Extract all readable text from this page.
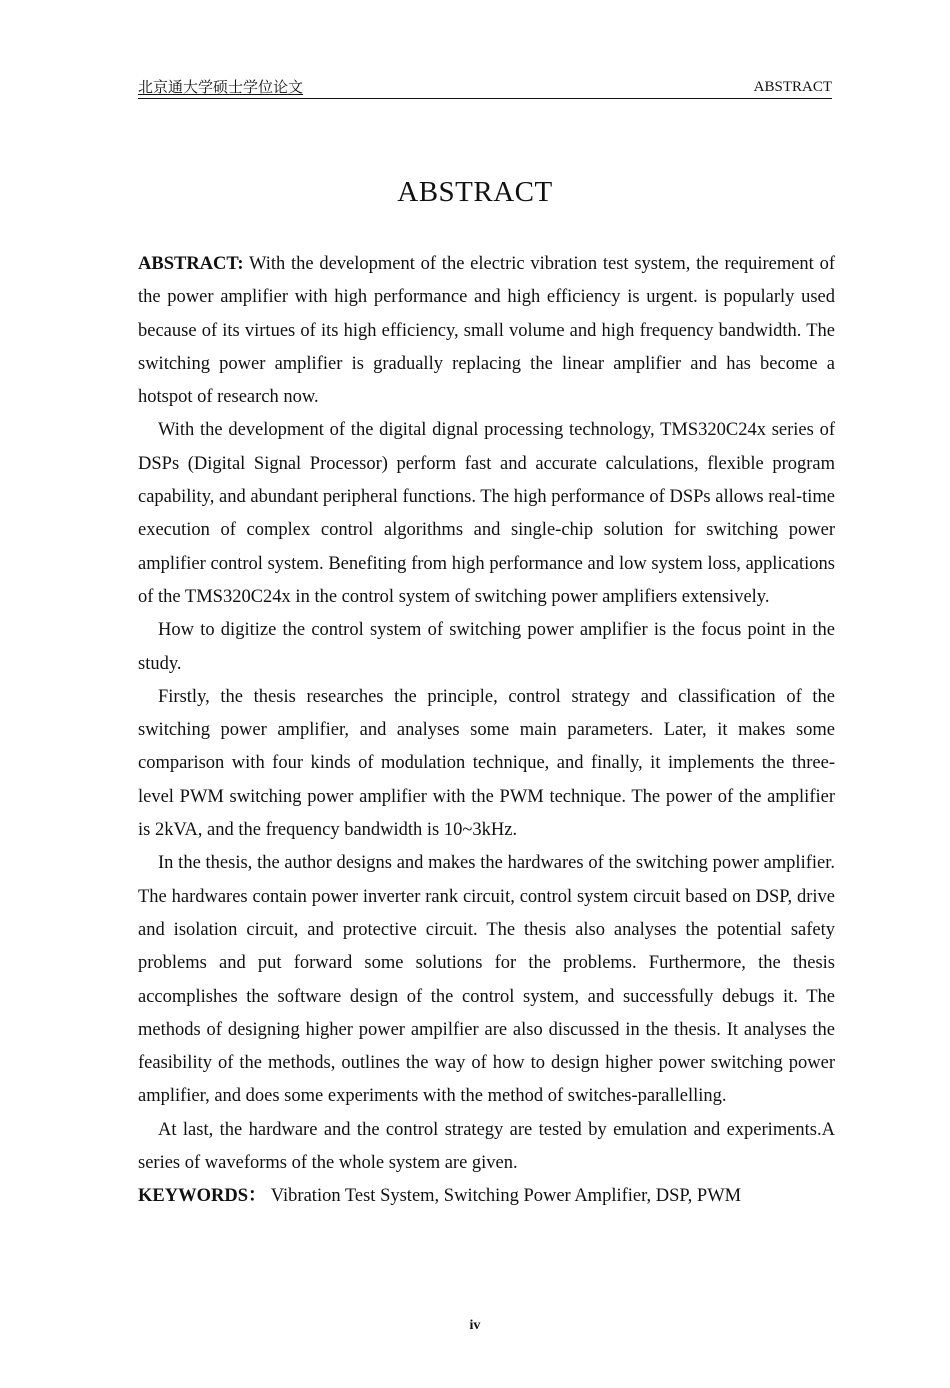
北京通大学硕士学位论文	ABSTRACT
ABSTRACT

ABSTRACT: With the development of the electric vibration test system, the requirement of the power amplifier with high performance and high efficiency is urgent. is popularly used because of its virtues of its high efficiency, small volume and high frequency bandwidth. The switching power amplifier is gradually replacing the linear amplifier and has become a hotspot of research now.

With the development of the digital dignal processing technology, TMS320C24x series of DSPs (Digital Signal Processor) perform fast and accurate calculations, flexible program capability, and abundant peripheral functions. The high performance of DSPs allows real-time execution of complex control algorithms and single-chip solution for switching power amplifier control system. Benefiting from high performance and low system loss, applications of the TMS320C24x in the control system of switching power amplifiers extensively.

How to digitize the control system of switching power amplifier is the focus point in the study.

Firstly, the thesis researches the principle, control strategy and classification of the switching power amplifier, and analyses some main parameters. Later, it makes some comparison with four kinds of modulation technique, and finally, it implements the three-level PWM switching power amplifier with the PWM technique. The power of the amplifier is 2kVA, and the frequency bandwidth is 10~3kHz.

In the thesis, the author designs and makes the hardwares of the switching power amplifier. The hardwares contain power inverter rank circuit, control system circuit based on DSP, drive and isolation circuit, and protective circuit. The thesis also analyses the potential safety problems and put forward some solutions for the problems. Furthermore, the thesis accomplishes the software design of the control system, and successfully debugs it. The methods of designing higher power ampilfier are also discussed in the thesis. It analyses the feasibility of the methods, outlines the way of how to design higher power switching power amplifier, and does some experiments with the method of switches-parallelling.

At last, the hardware and the control strategy are tested by emulation and experiments.A series of waveforms of the whole system are given.

KEYWORDS： Vibration Test System, Switching Power Amplifier, DSP, PWM

iv
